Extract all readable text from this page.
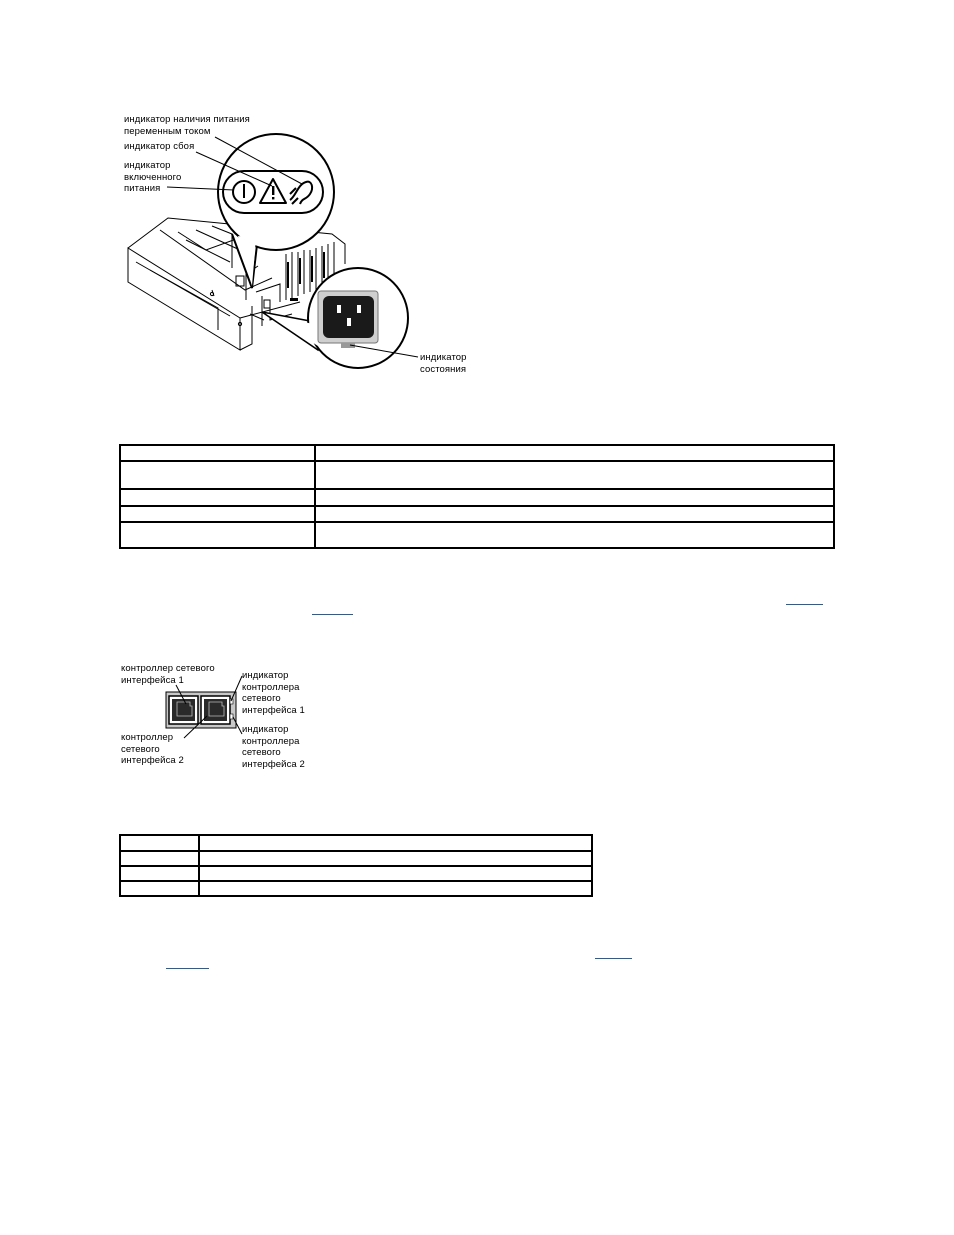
индикатор наличия питания
переменным током
индикатор сбоя
индикатор
включенного
питания
индикатор
состояния

контроллер сетевого
интерфейса 1
контроллер
сетевого
интерфейса 2
индикатор
контроллера
сетевого
интерфейса 1
индикатор
контроллера
сетевого
интерфейса 2
